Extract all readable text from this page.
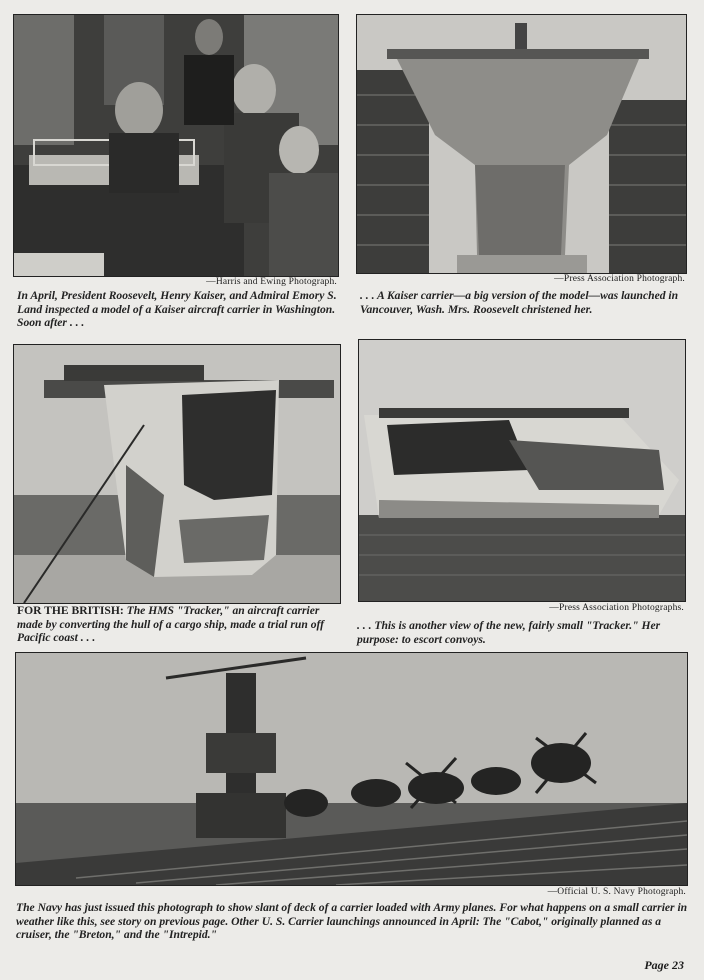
—Harris and Ewing Photograph.
In April, President Roosevelt, Henry Kaiser, and Admiral Emory S. Land inspected a model of a Kaiser aircraft carrier in Washington. Soon after . . .
—Press Association Photograph.
. . . A Kaiser carrier—a big version of the model—was launched in Vancouver, Wash. Mrs. Roosevelt christened her.
FOR THE BRITISH: The HMS "Tracker," an aircraft carrier made by converting the hull of a cargo ship, made a trial run off Pacific coast . . .
—Press Association Photographs.
. . . This is another view of the new, fairly small "Tracker." Her purpose: to escort convoys.
—Official U. S. Navy Photograph.
The Navy has just issued this photograph to show slant of deck of a carrier loaded with Army planes. For what happens on a small carrier in weather like this, see story on previous page. Other U. S. Carrier launchings announced in April: The "Cabot," originally planned as a cruiser, the "Breton," and the "Intrepid."
Page 23
